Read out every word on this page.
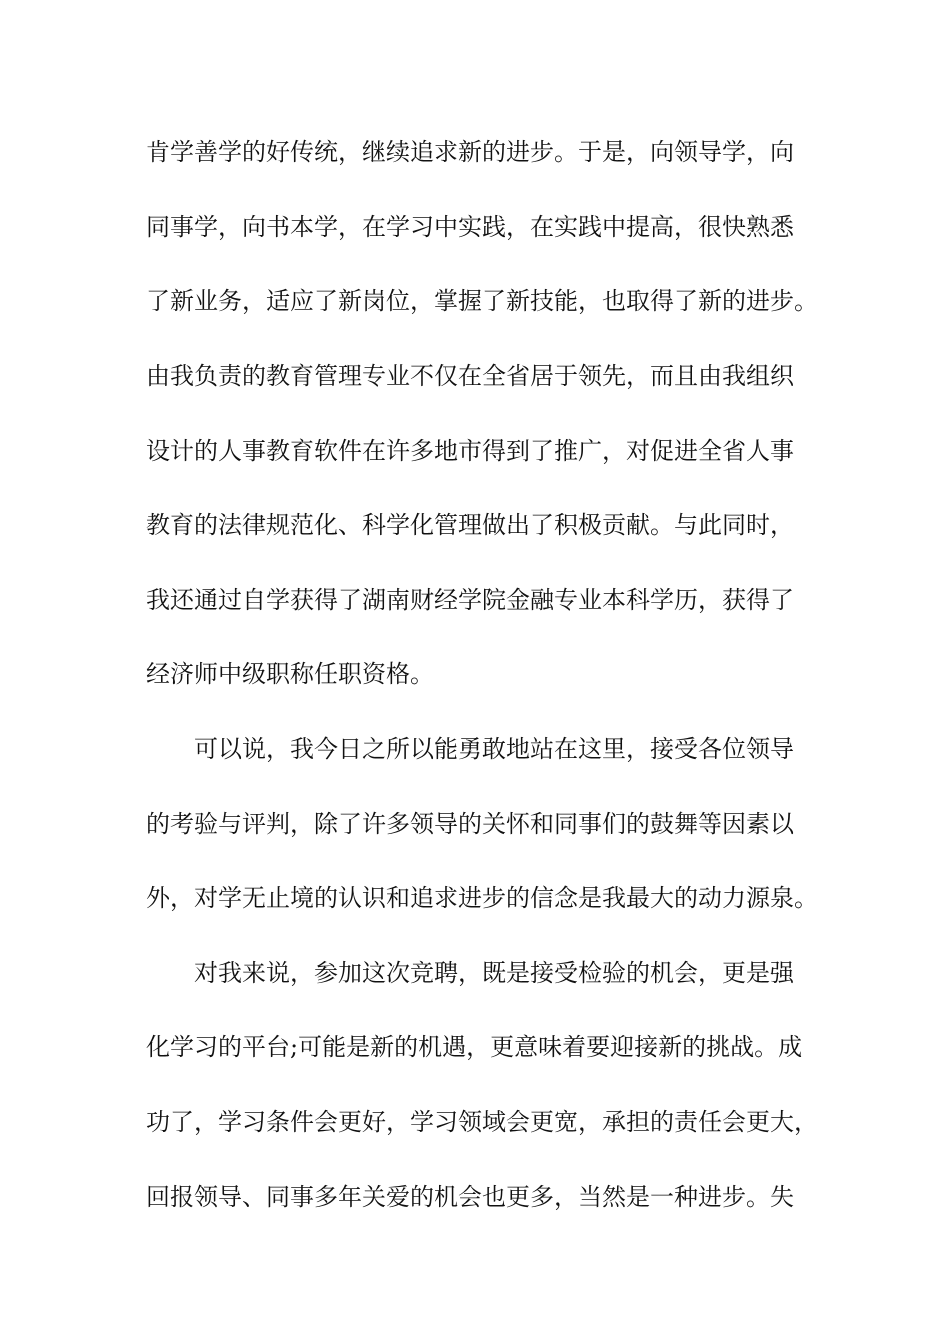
肯学善学的好传统，继续追求新的进步。于是，向领导学，向
同事学，向书本学，在学习中实践，在实践中提高，很快熟悉
了新业务，适应了新岗位，掌握了新技能，也取得了新的进步。
由我负责的教育管理专业不仅在全省居于领先，而且由我组织
设计的人事教育软件在许多地市得到了推广，对促进全省人事
教育的法律规范化、科学化管理做出了积极贡献。与此同时，
我还通过自学获得了湖南财经学院金融专业本科学历，获得了
经济师中级职称任职资格。
可以说，我今日之所以能勇敢地站在这里，接受各位领导
的考验与评判，除了许多领导的关怀和同事们的鼓舞等因素以
外，对学无止境的认识和追求进步的信念是我最大的动力源泉。
对我来说，参加这次竞聘，既是接受检验的机会，更是强
化学习的平台;可能是新的机遇，更意味着要迎接新的挑战。成
功了，学习条件会更好，学习领域会更宽，承担的责任会更大，
回报领导、同事多年关爱的机会也更多，当然是一种进步。失
